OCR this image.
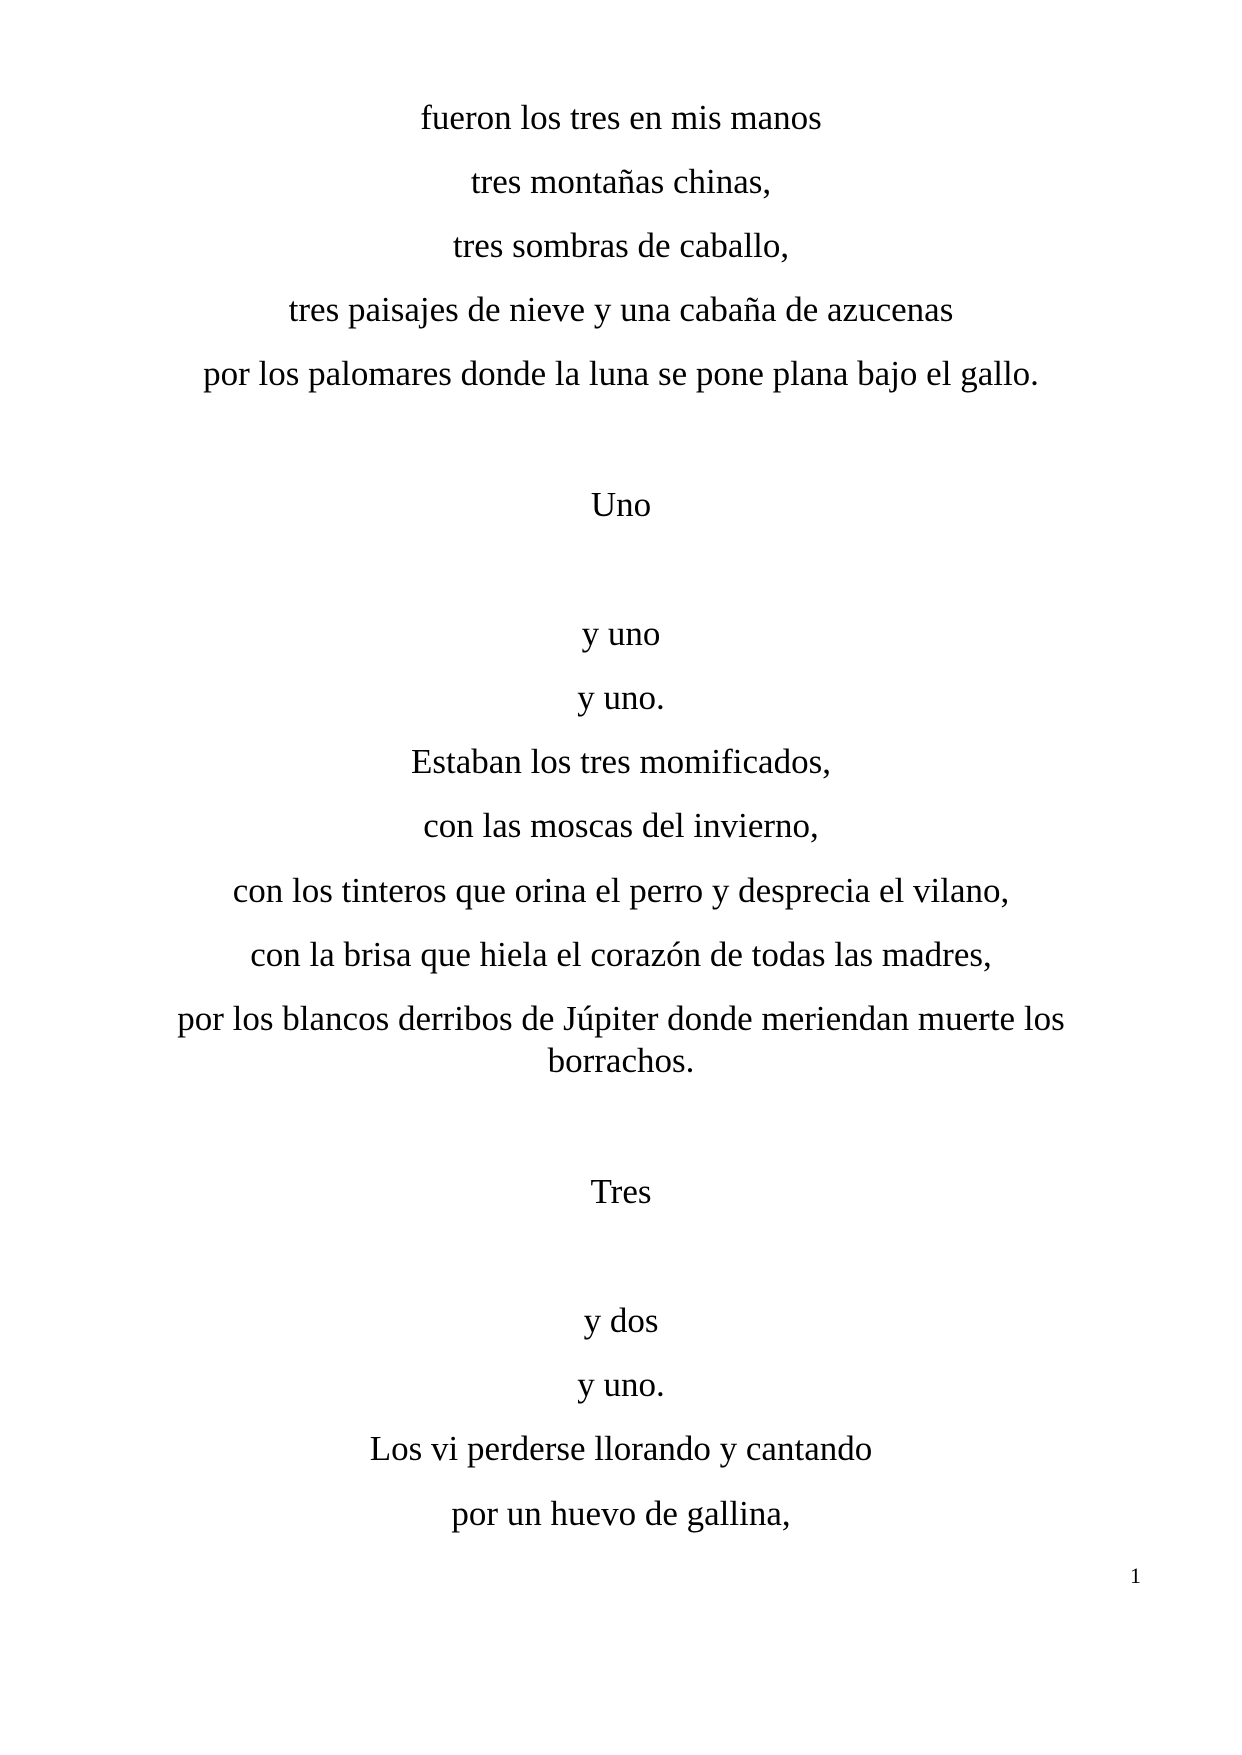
fueron los tres en mis manos
tres montañas chinas,
tres sombras de caballo,
tres paisajes de nieve y una cabaña de azucenas
por los palomares donde la luna se pone plana bajo el gallo.
Uno
y uno
y uno.
Estaban los tres momificados,
con las moscas del invierno,
con los tinteros que orina el perro y desprecia el vilano,
con la brisa que hiela el corazón de todas las madres,
por los blancos derribos de Júpiter donde meriendan muerte los borrachos.
Tres
y dos
y uno.
Los vi perderse llorando y cantando
por un huevo de gallina,
1
